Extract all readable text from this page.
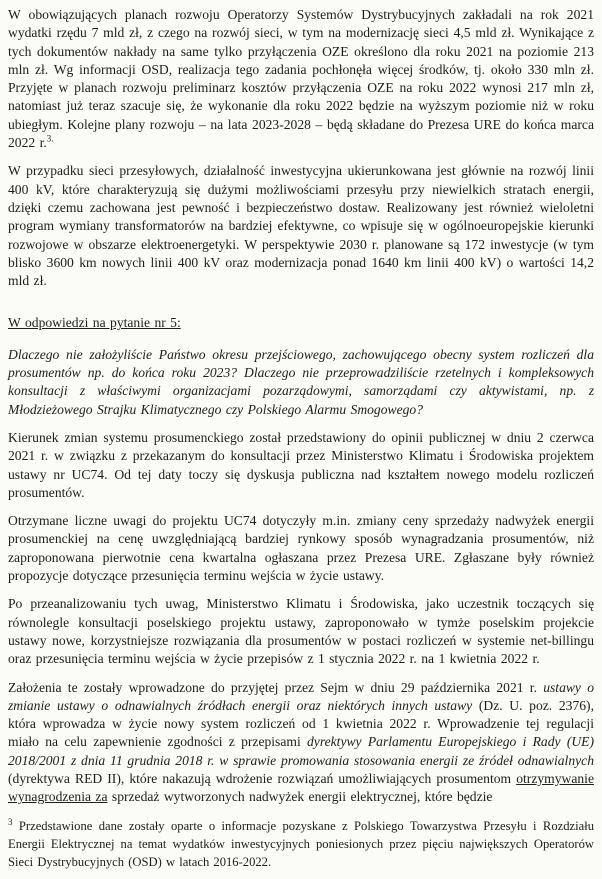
W obowiązujących planach rozwoju Operatorzy Systemów Dystrybucyjnych zakładali na rok 2021 wydatki rzędu 7 mld zł, z czego na rozwój sieci, w tym na modernizację sieci 4,5 mld zł. Wynikające z tych dokumentów nakłady na same tylko przyłączenia OZE określono dla roku 2021 na poziomie 213 mln zł. Wg informacji OSD, realizacja tego zadania pochłonęła więcej środków, tj. około 330 mln zł. Przyjęte w planach rozwoju preliminarz kosztów przyłączenia OZE na roku 2022 wynosi 217 mln zł, natomiast już teraz szacuje się, że wykonanie dla roku 2022 będzie na wyższym poziomie niż w roku ubiegłym. Kolejne plany rozwoju – na lata 2023-2028 – będą składane do Prezesa URE do końca marca 2022 r.$^{3.}$

W przypadku sieci przesyłowych, działalność inwestycyjna ukierunkowana jest głównie na rozwój linii 400 kV, które charakteryzują się dużymi możliwościami przesyłu przy niewielkich stratach energii, dzięki czemu zachowana jest pewność i bezpieczeństwo dostaw. Realizowany jest również wieloletni program wymiany transformatorów na bardziej efektywne, co wpisuje się w ogólnoeuropejskie kierunki rozwojowe w obszarze elektroenergetyki. W perspektywie 2030 r. planowane są 172 inwestycje (w tym blisko 3600 km nowych linii 400 kV oraz modernizacja ponad 1640 km linii 400 kV) o wartości 14,2 mld zł.

W odpowiedzi na pytanie nr 5:

Dlaczego nie założyliście Państwo okresu przejściowego, zachowującego obecny system rozliczeń dla prosumentów np. do końca roku 2023? Dlaczego nie przeprowadziliście rzetelnych i kompleksowych konsultacji z właściwymi organizacjami pozarządowymi, samorządami czy aktywistami, np. z Młodzieżowego Strajku Klimatycznego czy Polskiego Alarmu Smogowego?

Kierunek zmian systemu prosumenckiego został przedstawiony do opinii publicznej w dniu 2 czerwca 2021 r. w związku z przekazanym do konsultacji przez Ministerstwo Klimatu i Środowiska projektem ustawy nr UC74. Od tej daty toczy się dyskusja publiczna nad kształtem nowego modelu rozliczeń prosumentów.

Otrzymane liczne uwagi do projektu UC74 dotyczyły m.in. zmiany ceny sprzedaży nadwyżek energii prosumenckiej na cenę uwzględniającą bardziej rynkowy sposób wynagradzania prosumentów, niż zaproponowana pierwotnie cena kwartalna ogłaszana przez Prezesa URE. Zgłaszane były również propozycje dotyczące przesunięcia terminu wejścia w życie ustawy.

Po przeanalizowaniu tych uwag, Ministerstwo Klimatu i Środowiska, jako uczestnik toczących się równolegle konsultacji poselskiego projektu ustawy, zaproponowało w tymże poselskim projekcie ustawy nowe, korzystniejsze rozwiązania dla prosumentów w postaci rozliczeń w systemie net-billingu oraz przesunięcia terminu wejścia w życie przepisów z 1 stycznia 2022 r. na 1 kwietnia 2022 r.

Założenia te zostały wprowadzone do przyjętej przez Sejm w dniu 29 października 2021 r. ustawy o zmianie ustawy o odnawialnych źródłach energii oraz niektórych innych ustawy (Dz. U. poz. 2376), która wprowadza w życie nowy system rozliczeń od 1 kwietnia 2022 r. Wprowadzenie tej regulacji miało na celu zapewnienie zgodności z przepisami dyrektywy Parlamentu Europejskiego i Rady (UE) 2018/2001 z dnia 11 grudnia 2018 r. w sprawie promowania stosowania energii ze źródeł odnawialnych (dyrektywa RED II), które nakazują wdrożenie rozwiązań umożliwiających prosumentom otrzymywanie wynagrodzenia za sprzedaż wytworzonych nadwyżek energii elektrycznej, które będzie

$^3$ Przedstawione dane zostały oparte o informacje pozyskane z Polskiego Towarzystwa Przesyłu i Rozdziału Energii Elektrycznej na temat wydatków inwestycyjnych poniesionych przez pięciu największych Operatorów Sieci Dystrybucyjnych (OSD) w latach 2016-2022.
